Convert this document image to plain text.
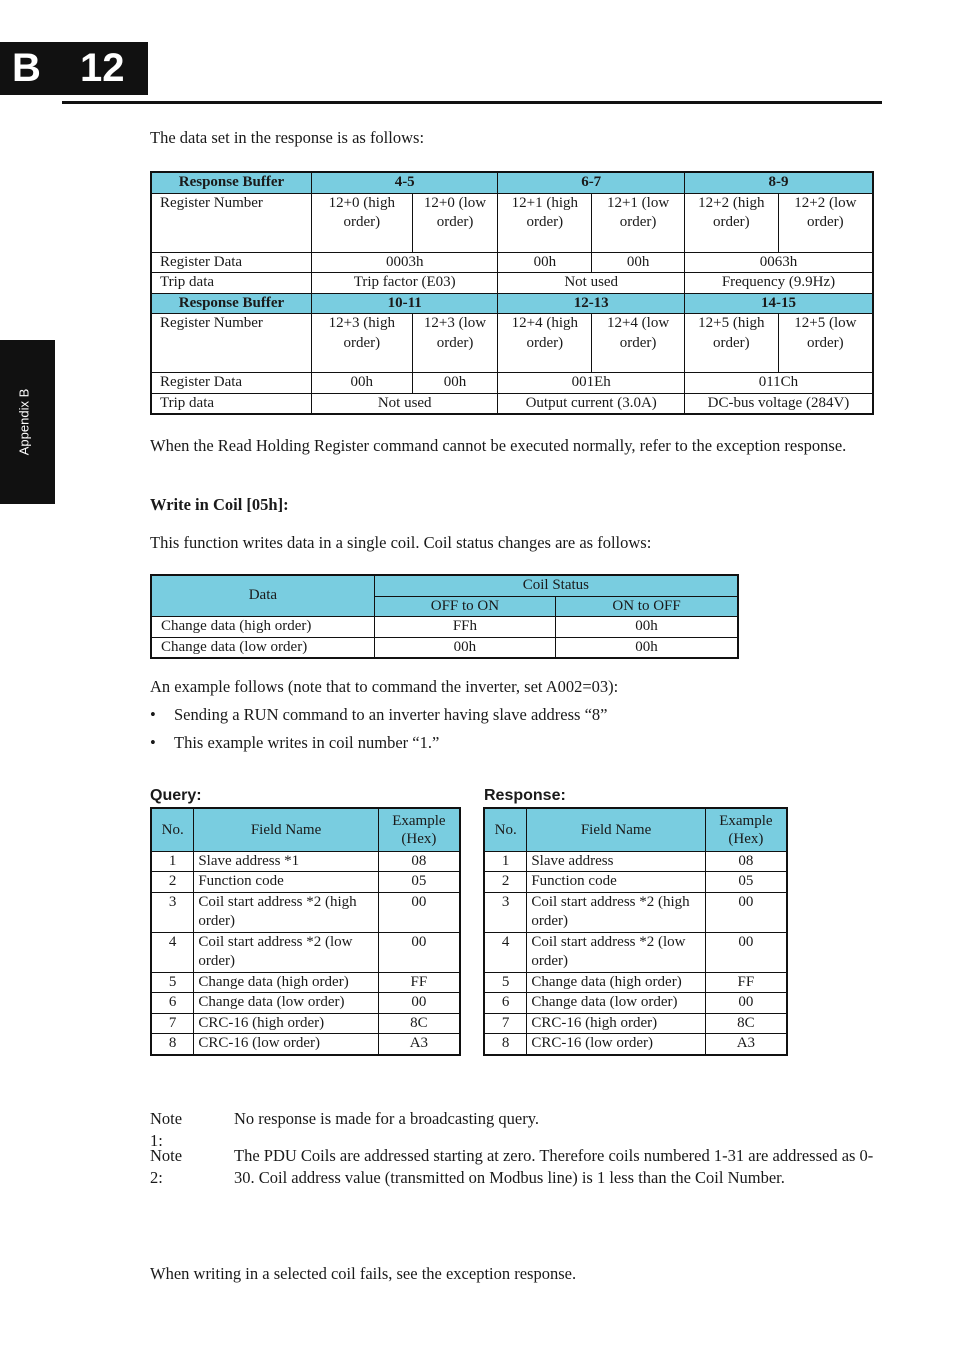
B 12
Appendix B
The data set in the response is as follows:
Response Buffer	4-5		6-7		8-9	
Register Number	12+0 (high order)	12+0 (low order)	12+1 (high order)	12+1 (low order)	12+2 (high order)	12+2 (low order)
Register Data	0003h		00h	00h	0063h	
Trip data	Trip factor (E03)		Not used		Frequency (9.9Hz)	
Response Buffer	10-11		12-13		14-15	
Register Number	12+3 (high order)	12+3 (low order)	12+4 (high order)	12+4 (low order)	12+5 (high order)	12+5 (low order)
Register Data	00h	00h	001Eh		011Ch	
Trip data	Not used		Output current (3.0A)		DC-bus voltage (284V)	
When the Read Holding Register command cannot be executed normally, refer to the exception response.
Write in Coil [05h]:
This function writes data in a single coil. Coil status changes are as follows:
Data	Coil Status	
	OFF to ON	ON to OFF
Change data (high order)	FFh	00h
Change data (low order)	00h	00h
An example follows (note that to command the inverter, set A002=03):
• Sending a RUN command to an inverter having slave address “8”
• This example writes in coil number “1.”
Query:	Response:
No.	Field Name	Example (Hex)
1	Slave address *1	08
2	Function code	05
3	Coil start address *2 (high order)	00
4	Coil start address *2 (low order)	00
5	Change data (high order)	FF
6	Change data (low order)	00
7	CRC-16 (high order)	8C
8	CRC-16 (low order)	A3
No.	Field Name	Example (Hex)
1	Slave address	08
2	Function code	05
3	Coil start address *2 (high order)	00
4	Coil start address *2 (low order)	00
5	Change data (high order)	FF
6	Change data (low order)	00
7	CRC-16 (high order)	8C
8	CRC-16 (low order)	A3
Note 1:
No response is made for a broadcasting query.
Note 2:
The PDU Coils are addressed starting at zero. Therefore coils numbered 1-31 are addressed as 0-30. Coil address value (transmitted on Modbus line) is 1 less than the Coil Number.
When writing in a selected coil fails, see the exception response.
